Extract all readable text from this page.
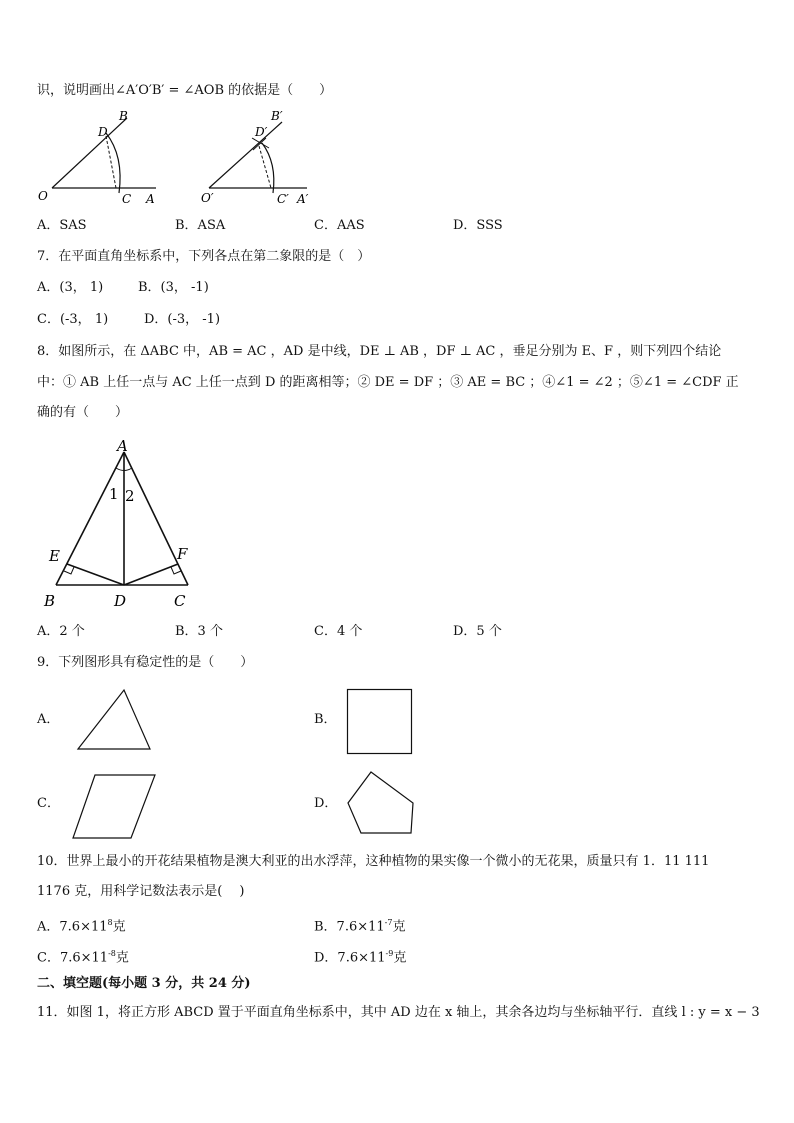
识，说明画出∠A′O′B′ = ∠AOB 的依据是（　　）
B
D
O	C A
B′
D′
O′	C′ A′
A．SAS	B．ASA	C．AAS	D．SSS
7．在平面直角坐标系中，下列各点在第二象限的是（　）
A．(3， 1)	B．(3， -1)
C．(-3， 1)	D．(-3， -1)
8．如图所示，在 ΔABC 中，AB = AC ，AD 是中线，DE ⊥ AB ，DF ⊥ AC ，垂足分别为 E、F ，则下列四个结论
中：① AB 上任一点与 AC 上任一点到 D 的距离相等；② DE = DF ；③ AE = BC ；④∠1 = ∠2 ；⑤∠1 = ∠CDF 正
确的有（　　）
A
1 2
E	F
B	D	C
A．2 个	B．3 个	C．4 个	D．5 个
9．下列图形具有稳定性的是（　　）
A．	B．
C．	D．
10．世界上最小的开花结果植物是澳大利亚的出水浮萍，这种植物的果实像一个微小的无花果，质量只有 1．11 111
1176 克，用科学记数法表示是(　 )
A．$7.6\times 11^8$克	B．$7.6\times 11^{-7}$克
C．$7.6\times 11^{-8}$克	D．$7.6\times 11^{-9}$克
二、填空题(每小题 3 分，共 24 分)
11．如图 1，将正方形 ABCD 置于平面直角坐标系中，其中 AD 边在 x 轴上，其余各边均与坐标轴平行．直线 l : y = x − 3
